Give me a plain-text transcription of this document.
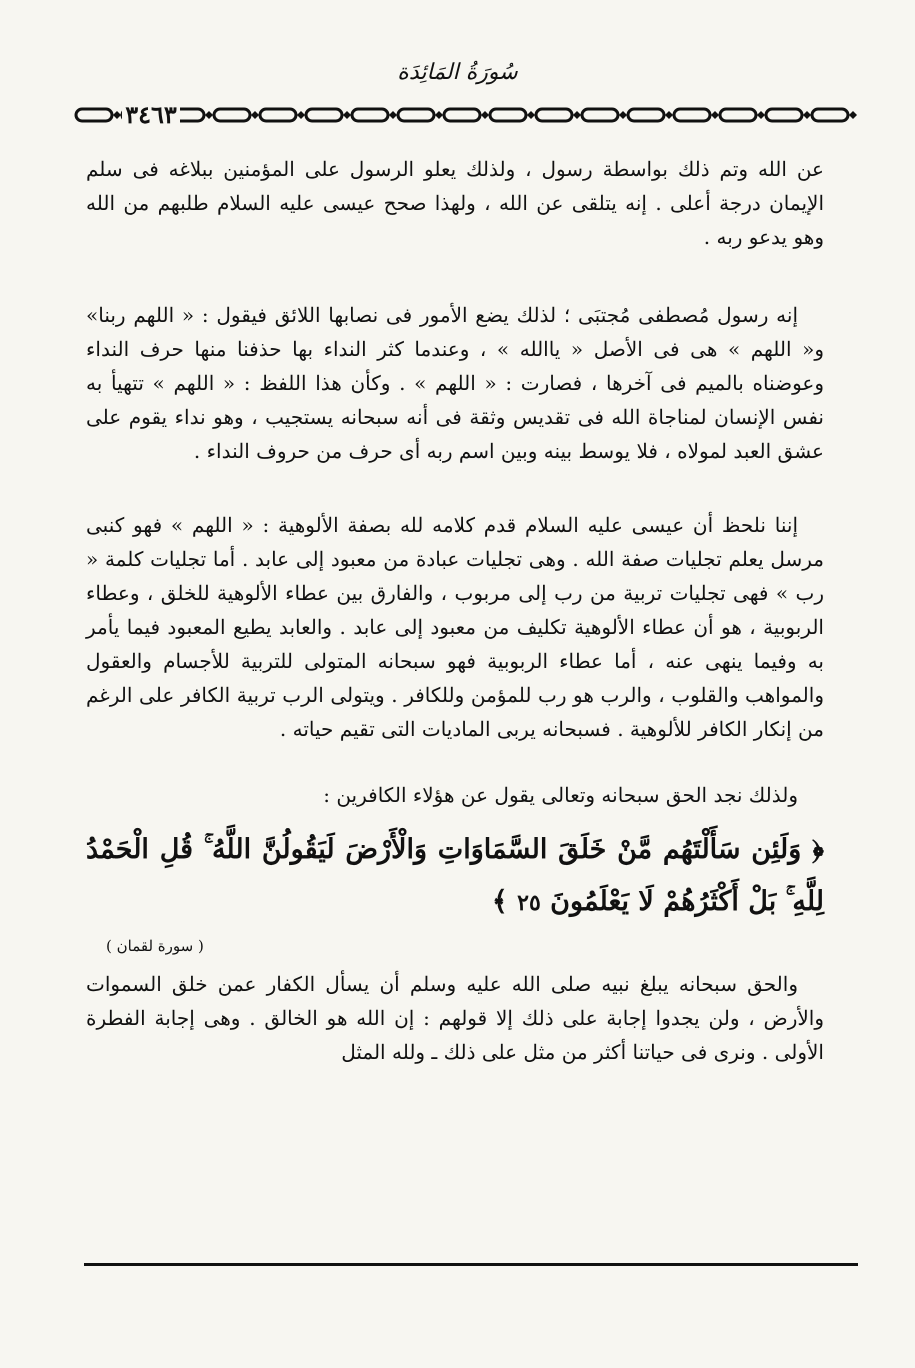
سُورَةُ المَائِدَة
٣٤٦٣

عن الله وتم ذلك بواسطة رسول ، ولذلك يعلو الرسول على المؤمنين ببلاغه فى سلم الإيمان درجة أعلى . إنه يتلقى عن الله ، ولهذا صحح عيسى عليه السلام طلبهم من الله وهو يدعو ربه .

إنه رسول مُصطفى مُجتبَى ؛ لذلك يضع الأمور فى نصابها اللائق فيقول : « اللهم ربنا» و« اللهم » هى فى الأصل « ياالله » ، وعندما كثر النداء بها حذفنا منها حرف النداء وعوضناه بالميم فى آخرها ، فصارت : « اللهم » . وكأن هذا اللفظ : « اللهم » تتهيأ به نفس الإنسان لمناجاة الله فى تقديس وثقة فى أنه سبحانه يستجيب ، وهو نداء يقوم على عشق العبد لمولاه ، فلا يوسط بينه وبين اسم ربه أى حرف من حروف النداء .

إننا نلحظ أن عيسى عليه السلام قدم كلامه لله بصفة الألوهية : « اللهم » فهو كنبى مرسل يعلم تجليات صفة الله . وهى تجليات عبادة من معبود إلى عابد . أما تجليات كلمة « رب » فهى تجليات تربية من رب إلى مربوب ، والفارق بين عطاء الألوهية للخلق ، وعطاء الربوبية ، هو أن عطاء الألوهية تكليف من معبود إلى عابد . والعابد يطيع المعبود فيما يأمر به وفيما ينهى عنه ، أما عطاء الربوبية فهو سبحانه المتولى للتربية للأجسام والعقول والمواهب والقلوب ، والرب هو رب للمؤمن وللكافر . ويتولى الرب تربية الكافر على الرغم من إنكار الكافر للألوهية . فسبحانه يربى الماديات التى تقيم حياته .

ولذلك نجد الحق سبحانه وتعالى يقول عن هؤلاء الكافرين :

﴿ وَلَئِن سَأَلْتَهُم مَّنْ خَلَقَ السَّمَاوَاتِ وَالْأَرْضَ لَيَقُولُنَّ اللَّهُ ۚ قُلِ الْحَمْدُ لِلَّهِ ۚ بَلْ أَكْثَرُهُمْ لَا يَعْلَمُونَ ٢٥ ﴾
( سورة لقمان )

والحق سبحانه يبلغ نبيه صلى الله عليه وسلم أن يسأل الكفار عمن خلق السموات والأرض ، ولن يجدوا إجابة على ذلك إلا قولهم : إن الله هو الخالق . وهى إجابة الفطرة الأولى . ونرى فى حياتنا أكثر من مثل على ذلك ـ ولله المثل
